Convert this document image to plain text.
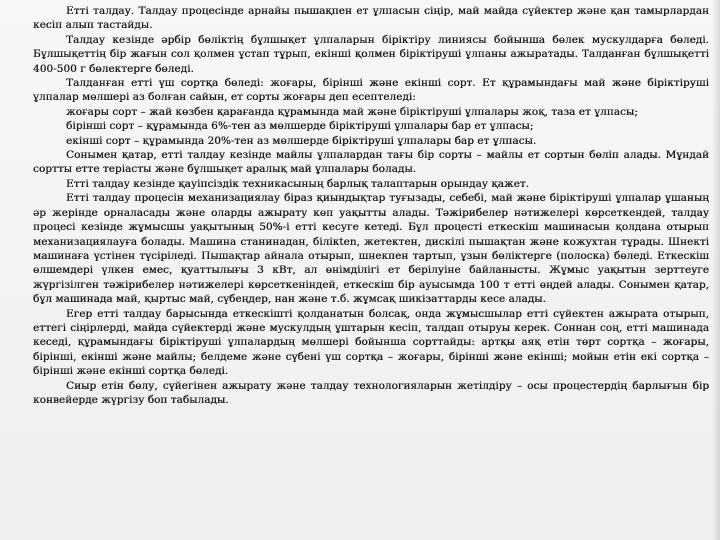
Етті талдау. Талдау процесінде арнайы пышақпен ет ұлпасын сіңір, май майда сүйектер және қан тамырлардан кесіп алып тастайды.

Талдау кезінде әрбір бөліктің бұлшықет ұлпаларын біріктіру линиясы бойынша бөлек мускулдарға бөледі. Бұлшықеттің бір жағын сол қолмен ұстап тұрып, екінші қолмен біріктіруші ұлпаны ажыратады. Талданған бұлшықетті 400-500 г бөлектерге бөледі.

Талданған етті үш сортқа бөледі: жоғары, бірінші және екінші сорт. Ет құрамындағы май және біріктіруші ұлпалар мөлшері аз болған сайын, ет сорты жоғары деп есептеледі:

жоғары сорт – жай көзбен қарағанда құрамында май және біріктіруші ұлпалары жоқ, таза ет ұлпасы;

бірінші сорт – құрамында 6%-тен аз мөлшерде біріктіруші ұлпалары бар ет ұлпасы;

екінші сорт – құрамында 20%-тен аз мөлшерде біріктіруші ұлпалары бар ет ұлпасы.

Сонымен қатар, етті талдау кезінде майлы ұлпалардан тағы бір сорты – майлы ет сортын бөліп алады. Мұндай сортты етте теріасты және бұлшықет аралық май ұлпалары болады.

Етті талдау кезінде қауіпсіздік техникасының барлық талаптарын орындау қажет.

Етті талдау процесін механизациялау біраз қиындықтар туғызады, себебі, май және біріктіруші ұлпалар ұшаның әр жерінде орналасады және оларды ажырату көп уақытты алады. Тәжірибелер нәтижелері көрсеткендей, талдау процесі кезінде жұмысшы уақытының 50%-і етті кесуге кетеді. Бұл процесті еткескіш машинасын қолдана отырып механизациялауға болады. Машина станинадан, білікten, жетектен, дискілі пышақтан және кожухтан тұрады. Шнекті машинаға үстінен түсіріледі. Пышақтар айнала отырып, шнекпен тартып, ұзын бөліктерге (полоска) бөледі. Еткескіш өлшемдері үлкен емес, қуаттылығы 3 кВт, ал өнімділігі ет берілуіне байланысты. Жұмыс уақытын зерттеуге жүргізілген тәжірибелер нәтижелері көрсеткеніндей, еткескіш бір ауысымда 100 т етті өңдей алады. Сонымен қатар, бұл машинада май, қыртыс май, сүбеңдер, нан және т.б. жұмсақ шикізаттарды кесе алады.

Егер етті талдау барысында еткескішті қолданатын болсақ, онда жұмысшылар етті сүйектен ажырата отырып, еттегі сіңірлерді, майда сүйектерді және мускулдың ұштарын кесіп, талдап отыруы керек. Соннан соң, етті машинада кеседі, құрамындағы біріктіруші ұлпалардың мөлшері бойынша сорттайды: артқы аяқ етін төрт сортқа – жоғары, бірінші, екінші және майлы; белдеме және сүбені үш сортқа – жоғары, бірінші және екінші; мойын етін екі сортқа – бірінші және екінші сортқа бөледі.

Сиыр етін бөлу, сүйегінен ажырату және талдау технологияларын жетілдіру – осы процестердің барлығын бір конвейерде жүргізу боп табылады.
